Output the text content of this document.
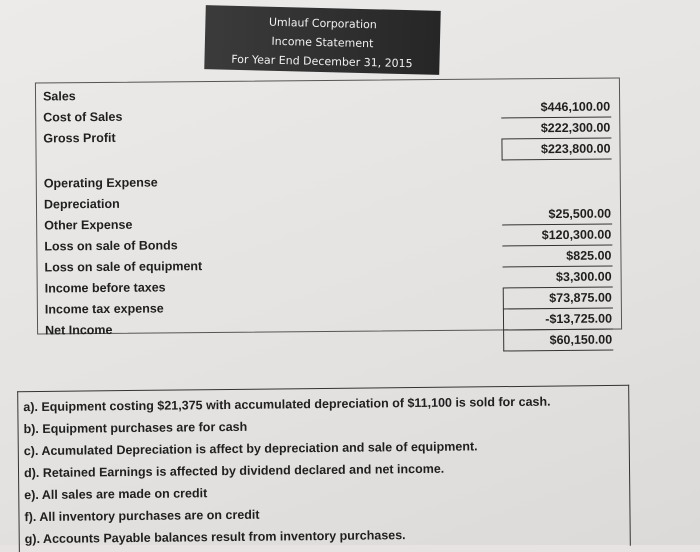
Umlauf Corporation
Income Statement
For Year End December 31, 2015
Sales
Cost of Sales
Gross Profit
Operating Expense
Depreciation
Other Expense
Loss on sale of Bonds
Loss on sale of equipment
Income before taxes
Income tax expense
Net Income
$446,100.00
$222,300.00
$223,800.00
$25,500.00
$120,300.00
$825.00
$3,300.00
$73,875.00
-$13,725.00
$60,150.00
a). Equipment costing $21,375 with accumulated depreciation of $11,100 is sold for cash.
b). Equipment purchases are for cash
c). Acumulated Depreciation is affect by depreciation and sale of equipment.
d). Retained Earnings is affected by dividend declared and net income.
e). All sales are made on credit
f). All inventory purchases are on credit
g). Accounts Payable balances result from inventory purchases.
